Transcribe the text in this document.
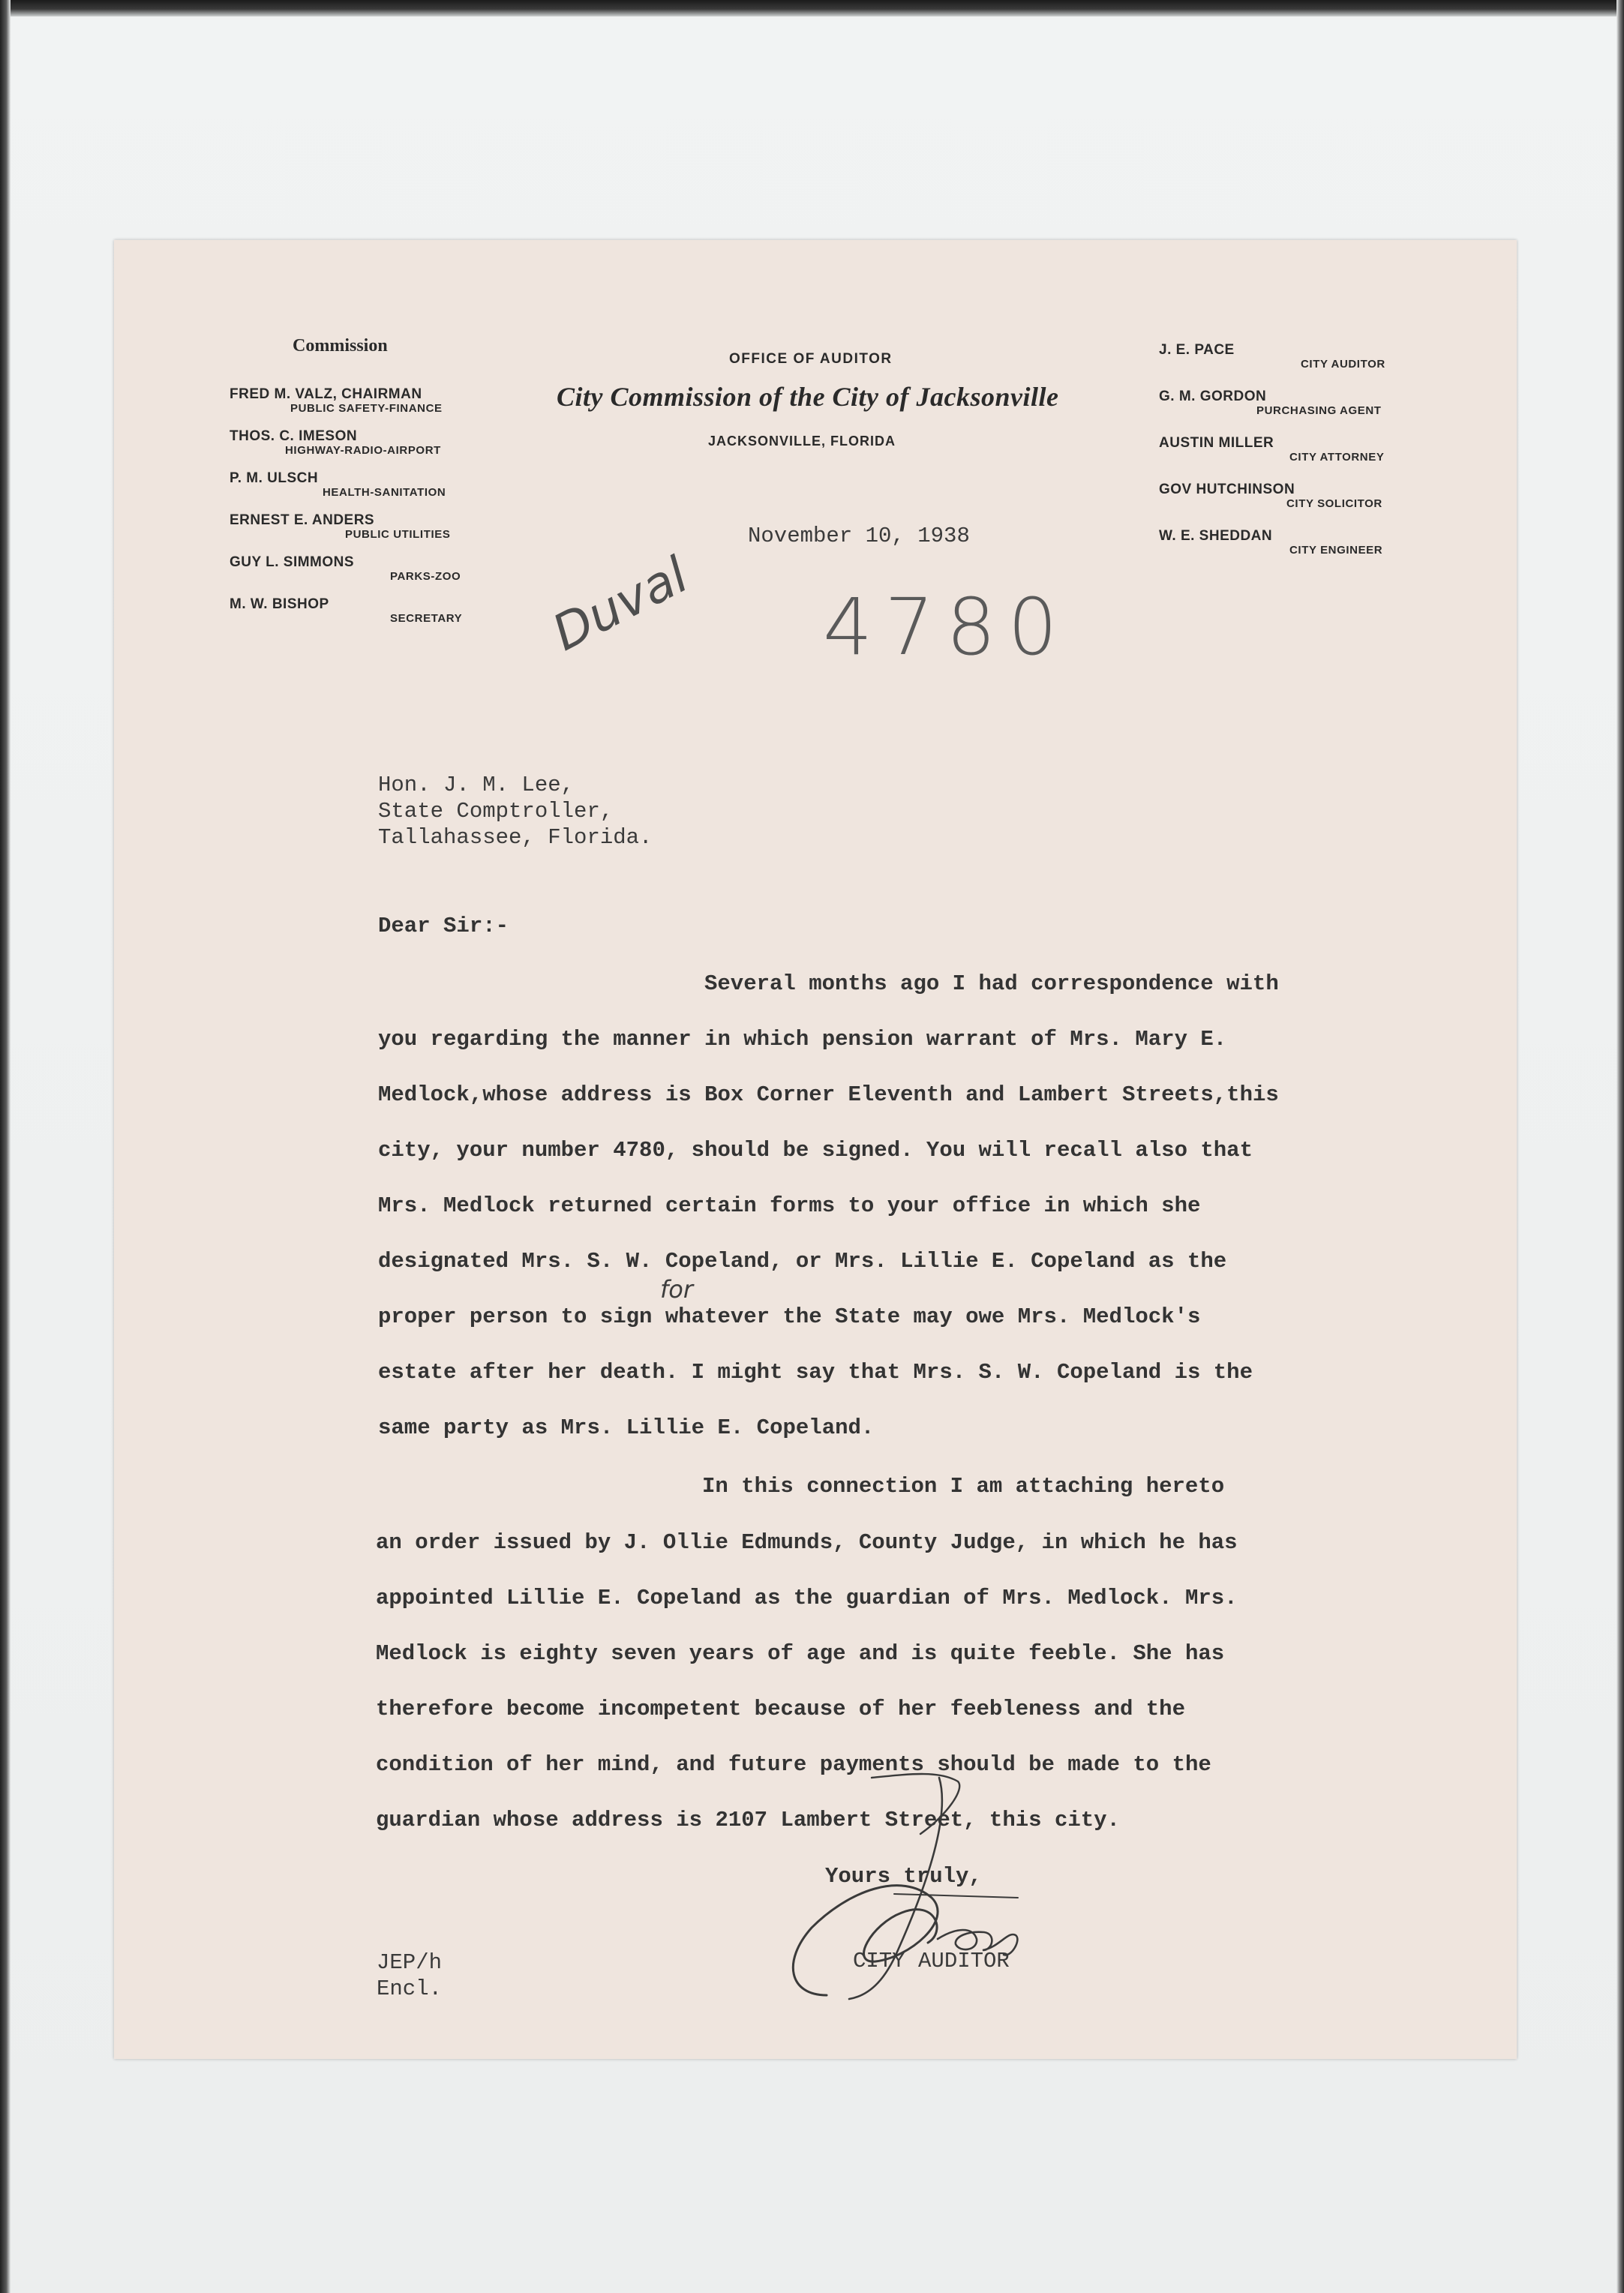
Commission
FRED M. VALZ, CHAIRMAN
PUBLIC SAFETY-FINANCE
THOS. C. IMESON
HIGHWAY-RADIO-AIRPORT
P. M. ULSCH
HEALTH-SANITATION
ERNEST E. ANDERS
PUBLIC UTILITIES
GUY L. SIMMONS
PARKS-ZOO
M. W. BISHOP
SECRETARY
OFFICE OF AUDITOR
City Commission of the City of Jacksonville
JACKSONVILLE, FLORIDA
J. E. PACE
CITY AUDITOR
G. M. GORDON
PURCHASING AGENT
AUSTIN MILLER
CITY ATTORNEY
GOV HUTCHINSON
CITY SOLICITOR
W. E. SHEDDAN
CITY ENGINEER
November 10, 1938
Duval 4780
Hon. J. M. Lee,
State Comptroller,
Tallahassee, Florida.
Dear Sir:-
Several months ago I had correspondence with
you regarding the manner in which pension warrant of Mrs. Mary E.
Medlock,whose address is Box Corner Eleventh and Lambert Streets,this
city, your number 4780, should be signed. You will recall also that
Mrs. Medlock returned certain forms to your office in which she
designated Mrs. S. W. Copeland, or Mrs. Lillie E. Copeland as the
proper person to sign whatever the State may owe Mrs. Medlock's
estate after her death. I might say that Mrs. S. W. Copeland is the
same party as Mrs. Lillie E. Copeland.
In this connection I am attaching hereto
an order issued by J. Ollie Edmunds, County Judge, in which he has
appointed Lillie E. Copeland as the guardian of Mrs. Medlock. Mrs.
Medlock is eighty seven years of age and is quite feeble. She has
therefore become incompetent because of her feebleness and the
condition of her mind, and future payments should be made to the
guardian whose address is 2107 Lambert Street, this city.
for
Yours truly,
CITY AUDITOR
JEP/h
Encl.
